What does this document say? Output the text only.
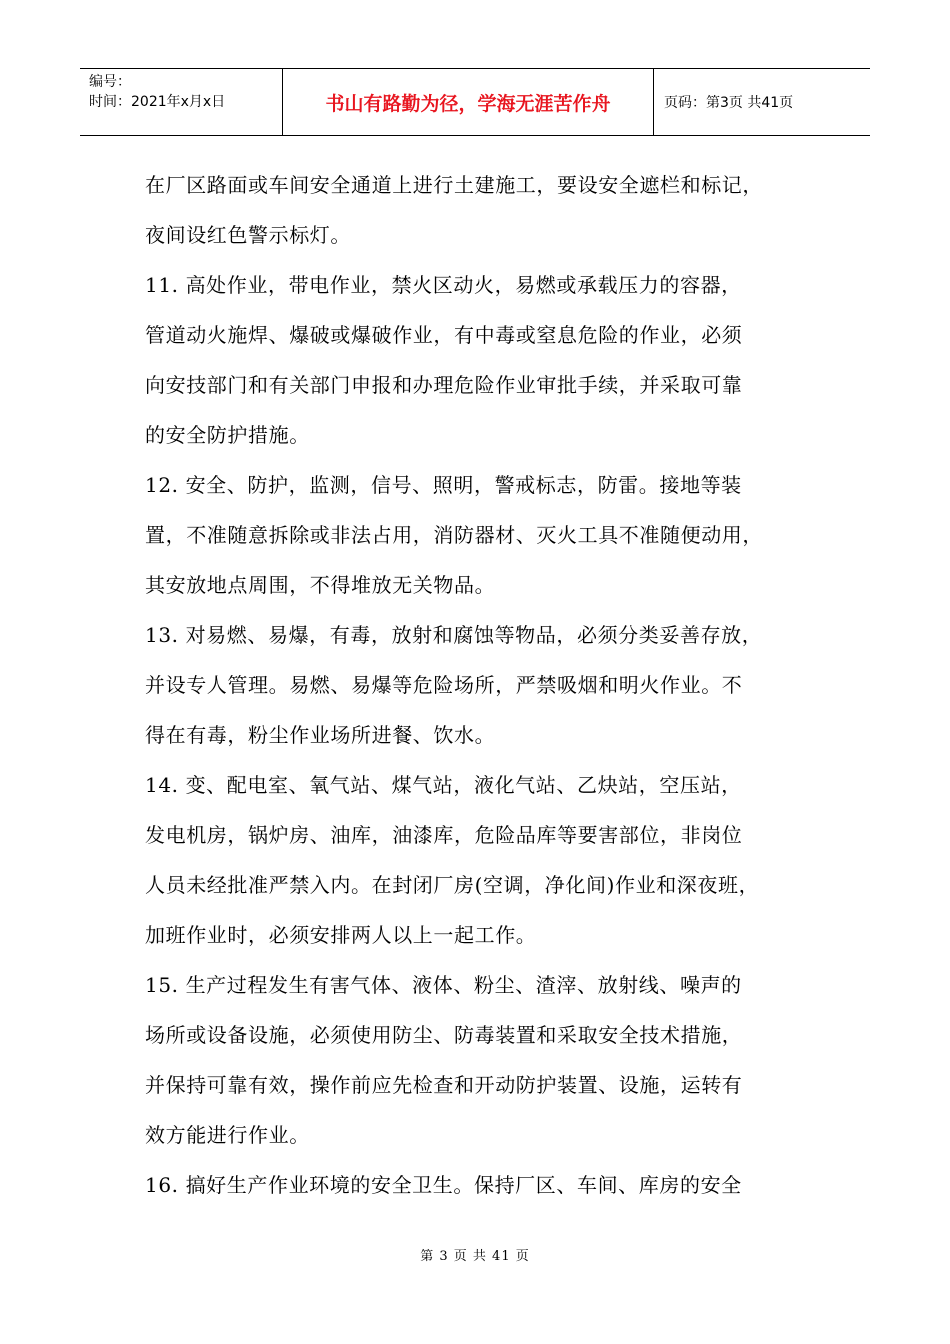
编号：
时间：2021年x月x日	书山有路勤为径，学海无涯苦作舟	页码：第3页 共41页
在厂区路面或车间安全通道上进行土建施工，要设安全遮栏和标记，
夜间设红色警示标灯。
11. 高处作业，带电作业，禁火区动火，易燃或承载压力的容器，
管道动火施焊、爆破或爆破作业，有中毒或窒息危险的作业，必须
向安技部门和有关部门申报和办理危险作业审批手续，并采取可靠
的安全防护措施。
12. 安全、防护，监测，信号、照明，警戒标志，防雷。接地等装
置，不准随意拆除或非法占用，消防器材、灭火工具不准随便动用，
其安放地点周围，不得堆放无关物品。
13. 对易燃、易爆，有毒，放射和腐蚀等物品，必须分类妥善存放，
并设专人管理。易燃、易爆等危险场所，严禁吸烟和明火作业。不
得在有毒，粉尘作业场所进餐、饮水。
14. 变、配电室、氧气站、煤气站，液化气站、乙炔站，空压站，
发电机房，锅炉房、油库，油漆库，危险品库等要害部位，非岗位
人员未经批准严禁入内。在封闭厂房(空调，净化间)作业和深夜班，
加班作业时，必须安排两人以上一起工作。
15. 生产过程发生有害气体、液体、粉尘、渣滓、放射线、噪声的
场所或设备设施，必须使用防尘、防毒装置和采取安全技术措施，
并保持可靠有效，操作前应先检查和开动防护装置、设施，运转有
效方能进行作业。
16. 搞好生产作业环境的安全卫生。保持厂区、车间、库房的安全
第 3 页 共 41 页
